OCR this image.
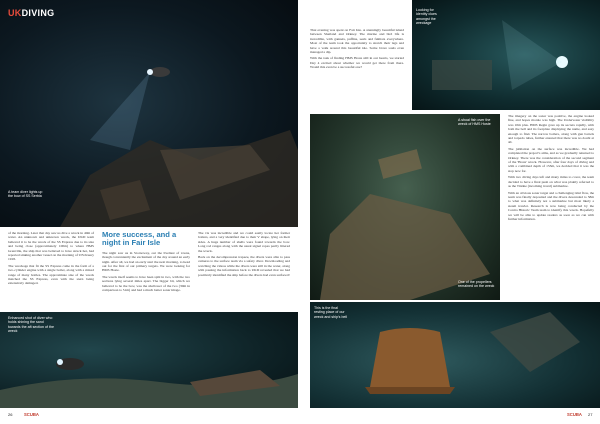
UKDIVING
A team diver lights up the bow of SS Serbia

of the morning. Later that day saw us dive a wreck in 40m of water. An unknown and unknown wreck, the UKD team believed it to be the wreck of the SS Express due to its size and being close (approximately 100m) to where HMS Grenville, the ship that was believed to have struck her, had reported sinking another vessel on the morning of 9 February 1918.

The wreckage that fit the SS Express came in the form of a two-cylinder engine with a single boiler, along with a mixed range of many bottles. The approximate size of the wreck matched the SS Express, even with the stern being extensively damaged.

More success, and a
night in Fair Isle

The night saw us in Stornoway, out the liveliest of towns, though conveniently the excitement of the day around an early night. After all, we had an early start the next morning, to head out for the first of our primary targets. We were looking for HMS Hoste.

The wreck itself seems to have been split in two, with the two sections lying several miles apart. The bigger bit, which we believed to be the bow, was the shallower of the two (30m in comparison to 51m) and had a much better sonar image.

The vis was incredible and we could easily locate her former boilers, and a very identified due to their V shape, lying on their sides. A huge number of shells were found towards the bow. Long rod ranges along with the usual signal ropes partly littered the wreck.

Back on the decompression trapeze, the divers were able to pass cameras to the surface team via a safety diver. Downloading and watching the videos while the divers were still in the water, along with passing the information back to UKD revealed that we had positively identified the ship before the divers had even surfaced!

Enhanced shot of diver who holds shining the sand towards the aft section of the wreck
26	SCUBA

That evening was spent on Fair Isle. A stunningly beautiful island between Shetland and Orkney. The marine and bird life is incredible, with gannets, puffins, seals and fulmars everywhere. Most of the team took the opportunity to stretch their legs and have a walk around this beautiful isle. Some brave souls even managed a dip.

With the task of finding HMS Hoste still in our hearts, we started Day 4 excited about whether we would get there from there. Would this even be a successful one?

Looking for identity clues amongst the wreckage
A shoal fish over the wreck of HMS Hoste
One of the propellers remained on the wreck

The imagery on the sonar was positive, the engine looked fine, and hopes morale was high. The Underwater visibility was 10m plus. HMS Regin gave up its secrets rapidly, with both the bell and its footplate displaying the name, and easy enough to find. The narrow boilers, along with gun barrels and torpedo tubes, further ensured that there was no doubt at all.

The jubilation on the surface was incredible. We had completed the project's aims, and as we gradually returned to Orkney. There was the consideration of the second segment of the 'Hoste' wreck. However, after four days of diving and with a combined depth of 153m, we decided that it was the stop now for.

With two diving days left and many miles to cover, the team decided to have a final push on what was plainly referred to as the Tintine (incoming travel) submarine.

With an obvious sonar target and a challenging tidal flow, the team was finally deposited and the divers descended to 58m to what was definitely not a submarine but most likely a steam trawler. Research is now being conducted by the Contra Historic Team team to identify this wreck. Hopefully we will be able to update readers as soon as we can with further information.

This is the final resting place of our wreck and ship's bell
SCUBA 27
